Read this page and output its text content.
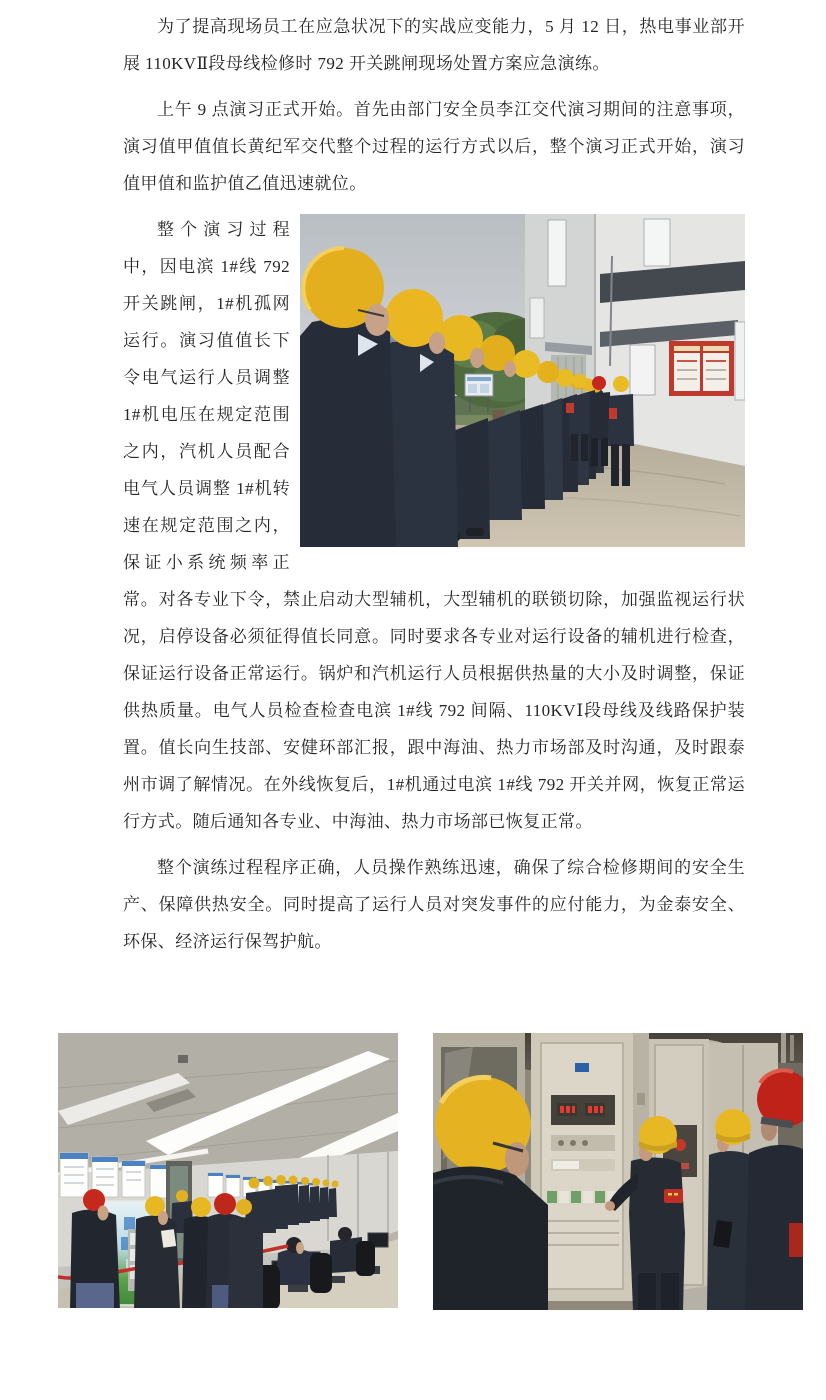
为了提高现场员工在应急状况下的实战应变能力，5 月 12 日，热电事业部开展 110KVⅡ段母线检修时 792 开关跳闸现场处置方案应急演练。
上午 9 点演习正式开始。首先由部门安全员李江交代演习期间的注意事项，演习值甲值值长黄纪军交代整个过程的运行方式以后，整个演习正式开始，演习值甲值和监护值乙值迅速就位。
整个演习过程中，因电滨 1#线 792 开关跳闸，1#机孤网运行。演习值值长下令电气运行人员调整 1#机电压在规定范围之内，汽机人员配合电气人员调整 1#机转速在规定范围之内，保证小系统频率正常。对各专业下令，禁止启动大型辅机，大型辅机的联锁切除，加强监视运行状况，启停设备必须征得值长同意。同时要求各专业对运行设备的辅机进行检查，保证运行设备正常运行。锅炉和汽机运行人员根据供热量的大小及时调整，保证供热质量。电气人员检查检查电滨 1#线 792 间隔、110KVⅠ段母线及线路保护装置。值长向生技部、安健环部汇报，跟中海油、热力市场部及时沟通，及时跟泰州市调了解情况。在外线恢复后，1#机通过电滨 1#线 792 开关并网，恢复正常运行方式。随后通知各专业、中海油、热力市场部已恢复正常。
整个演练过程程序正确，人员操作熟练迅速，确保了综合检修期间的安全生产、保障供热安全。同时提高了运行人员对突发事件的应付能力，为金泰安全、环保、经济运行保驾护航。
